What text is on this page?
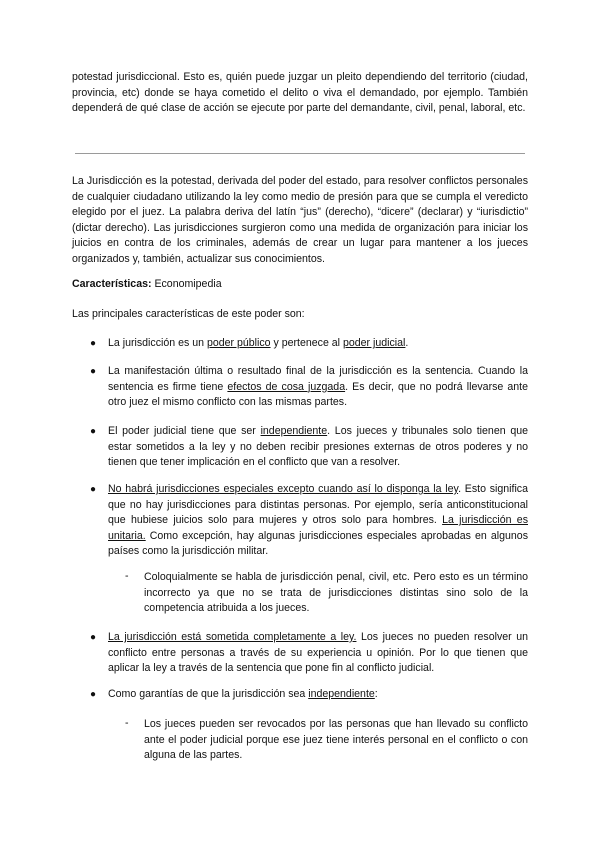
potestad jurisdiccional. Esto es, quién puede juzgar un pleito dependiendo del territorio (ciudad, provincia, etc) donde se haya cometido el delito o viva el demandado, por ejemplo. También dependerá de qué clase de acción se ejecute por parte del demandante, civil, penal, laboral, etc.
La Jurisdicción es la potestad, derivada del poder del estado, para resolver conflictos personales de cualquier ciudadano utilizando la ley como medio de presión para que se cumpla el veredicto elegido por el juez. La palabra deriva del latín “jus” (derecho), “dicere” (declarar) y “iurisdictio” (dictar derecho). Las jurisdicciones surgieron como una medida de organización para iniciar los juicios en contra de los criminales, además de crear un lugar para mantener a los jueces organizados y, también, actualizar sus conocimientos.
Características: Economipedia
Las principales características de este poder son:
● La jurisdicción es un poder público y pertenece al poder judicial.
● La manifestación última o resultado final de la jurisdicción es la sentencia. Cuando la sentencia es firme tiene efectos de cosa juzgada. Es decir, que no podrá llevarse ante otro juez el mismo conflicto con las mismas partes.
● El poder judicial tiene que ser independiente. Los jueces y tribunales solo tienen que estar sometidos a la ley y no deben recibir presiones externas de otros poderes y no tienen que tener implicación en el conflicto que van a resolver.
● No habrá jurisdicciones especiales excepto cuando así lo disponga la ley. Esto significa que no hay jurisdicciones para distintas personas. Por ejemplo, sería anticonstitucional que hubiese juicios solo para mujeres y otros solo para hombres. La jurisdicción es unitaria. Como excepción, hay algunas jurisdicciones especiales aprobadas en algunos países como la jurisdicción militar.
- Coloquialmente se habla de jurisdicción penal, civil, etc. Pero esto es un término incorrecto ya que no se trata de jurisdicciones distintas sino solo de la competencia atribuida a los jueces.
● La jurisdicción está sometida completamente a ley. Los jueces no pueden resolver un conflicto entre personas a través de su experiencia u opinión. Por lo que tienen que aplicar la ley a través de la sentencia que pone fin al conflicto judicial.
● Como garantías de que la jurisdicción sea independiente:
- Los jueces pueden ser revocados por las personas que han llevado su conflicto ante el poder judicial porque ese juez tiene interés personal en el conflicto o con alguna de las partes.
